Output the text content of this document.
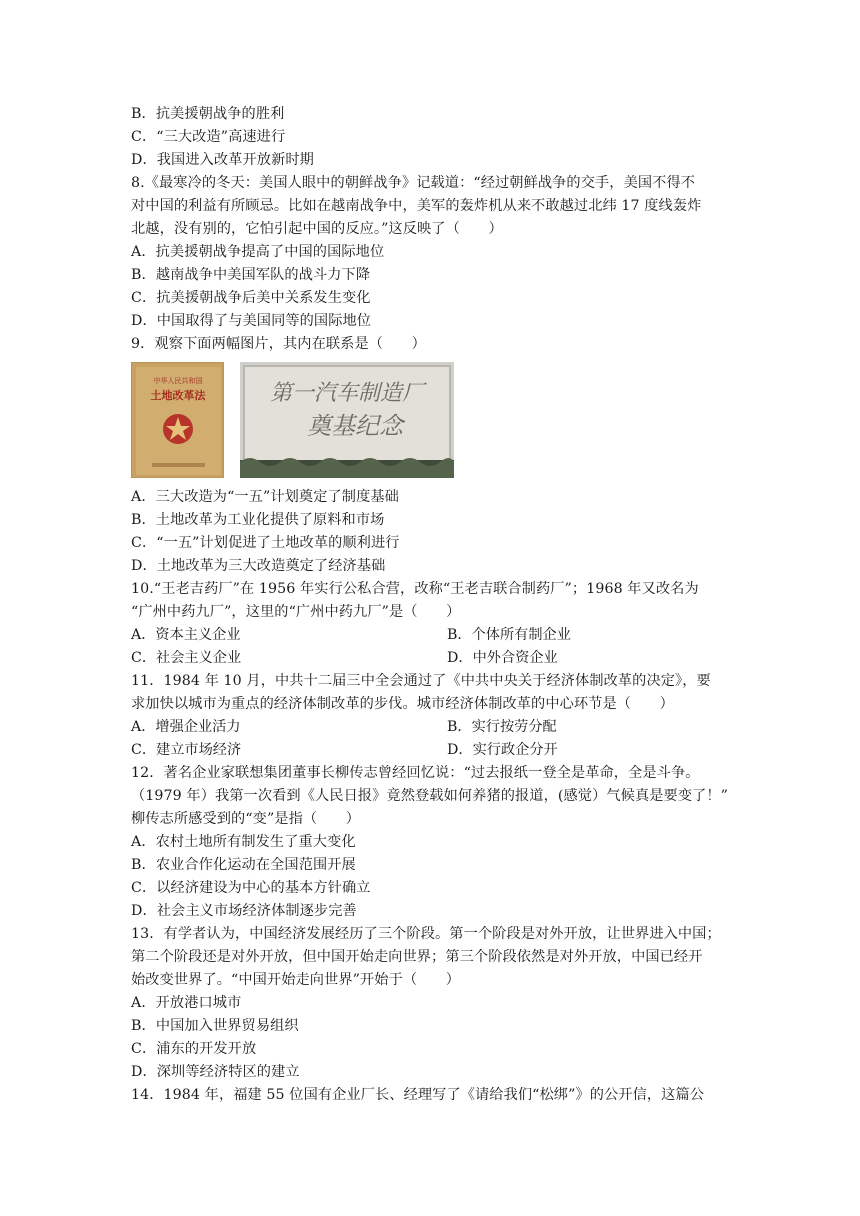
B．抗美援朝战争的胜利
C．“三大改造”高速进行
D．我国进入改革开放新时期
8.《最寒冷的冬天：美国人眼中的朝鲜战争》记载道：“经过朝鲜战争的交手，美国不得不
对中国的利益有所顾忌。比如在越南战争中，美军的轰炸机从来不敢越过北纬 17 度线轰炸
北越，没有别的，它怕引起中国的反应。”这反映了（　　）
A．抗美援朝战争提高了中国的国际地位
B．越南战争中美国军队的战斗力下降
C．抗美援朝战争后美中关系发生变化
D．中国取得了与美国同等的国际地位
9．观察下面两幅图片，其内在联系是（　　）
中华人民共和国
土地改革法	第一汽车制造厂
奠基纪念
A．三大改造为“一五”计划奠定了制度基础
B．土地改革为工业化提供了原料和市场
C．“一五”计划促进了土地改革的顺利进行
D．土地改革为三大改造奠定了经济基础
10.“王老吉药厂”在 1956 年实行公私合营，改称“王老吉联合制药厂”；1968 年又改名为
“广州中药九厂”，这里的“广州中药九厂”是（　　）
A．资本主义企业	B．个体所有制企业
C．社会主义企业	D．中外合资企业
11．1984 年 10 月，中共十二届三中全会通过了《中共中央关于经济体制改革的决定》，要
求加快以城市为重点的经济体制改革的步伐。城市经济体制改革的中心环节是（　　）
A．增强企业活力	B．实行按劳分配
C．建立市场经济	D．实行政企分开
12．著名企业家联想集团董事长柳传志曾经回忆说：“过去报纸一登全是革命，全是斗争。
（1979 年）我第一次看到《人民日报》竟然登载如何养猪的报道，(感觉）气候真是要变了！”
柳传志所感受到的“变”是指（　　）
A．农村土地所有制发生了重大变化
B．农业合作化运动在全国范围开展
C．以经济建设为中心的基本方针确立
D．社会主义市场经济体制逐步完善
13．有学者认为，中国经济发展经历了三个阶段。第一个阶段是对外开放，让世界进入中国；
第二个阶段还是对外开放，但中国开始走向世界；第三个阶段依然是对外开放，中国已经开
始改变世界了。“中国开始走向世界”开始于（　　）
A．开放港口城市
B．中国加入世界贸易组织
C．浦东的开发开放
D．深圳等经济特区的建立
14．1984 年，福建 55 位国有企业厂长、经理写了《请给我们“松绑”》的公开信，这篇公
